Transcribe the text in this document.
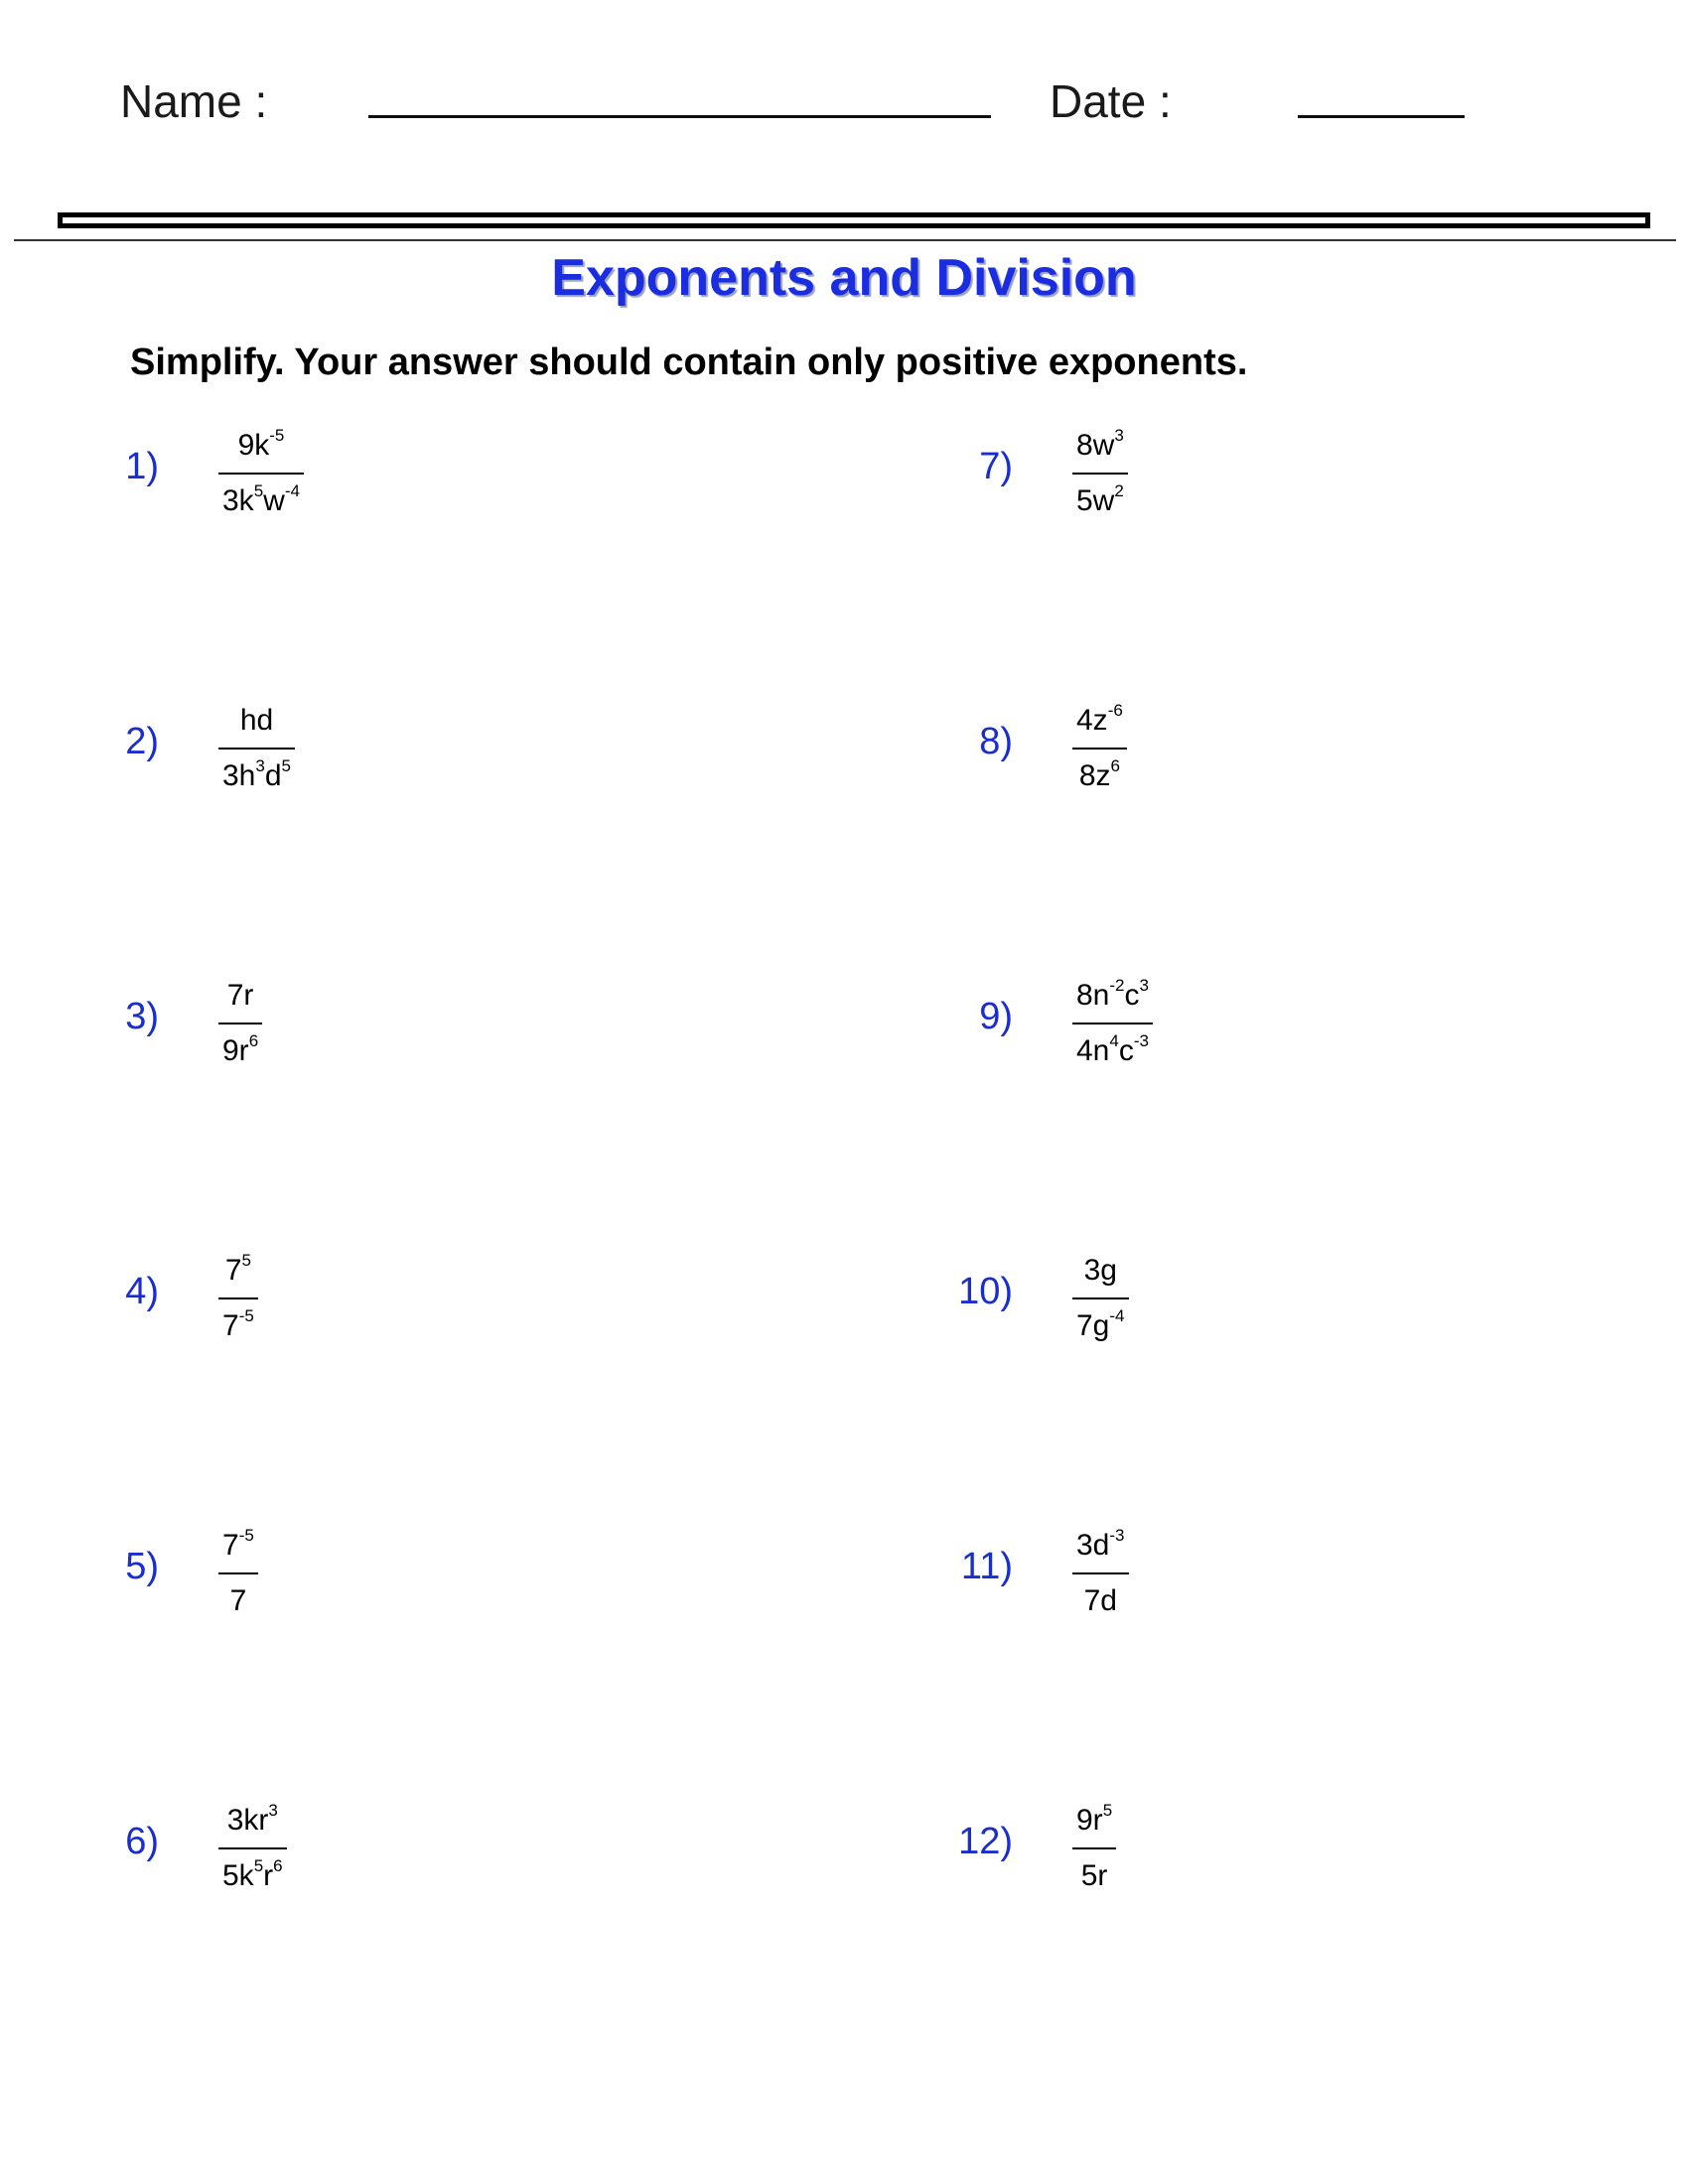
Name :	Date :
Exponents and Division
Simplify. Your answer should contain only positive exponents.
1)
$9k^{-5}$
$3k^5w^{-4}$
2)
hd
$3h^3d^5$
3)
7r
$9r^6$
4)
$7^5$
$7^{-5}$
5)
$7^{-5}$
7
6)
$3kr^3$
$5k^5r^6$
7)
$8w^3$
$5w^2$
8)
$4z^{-6}$
$8z^6$
9)
$8n^{-2}c^3$
$4n^4c^{-3}$
10)
3g
$7g^{-4}$
11)
$3d^{-3}$
7d
12)
$9r^5$
5r
